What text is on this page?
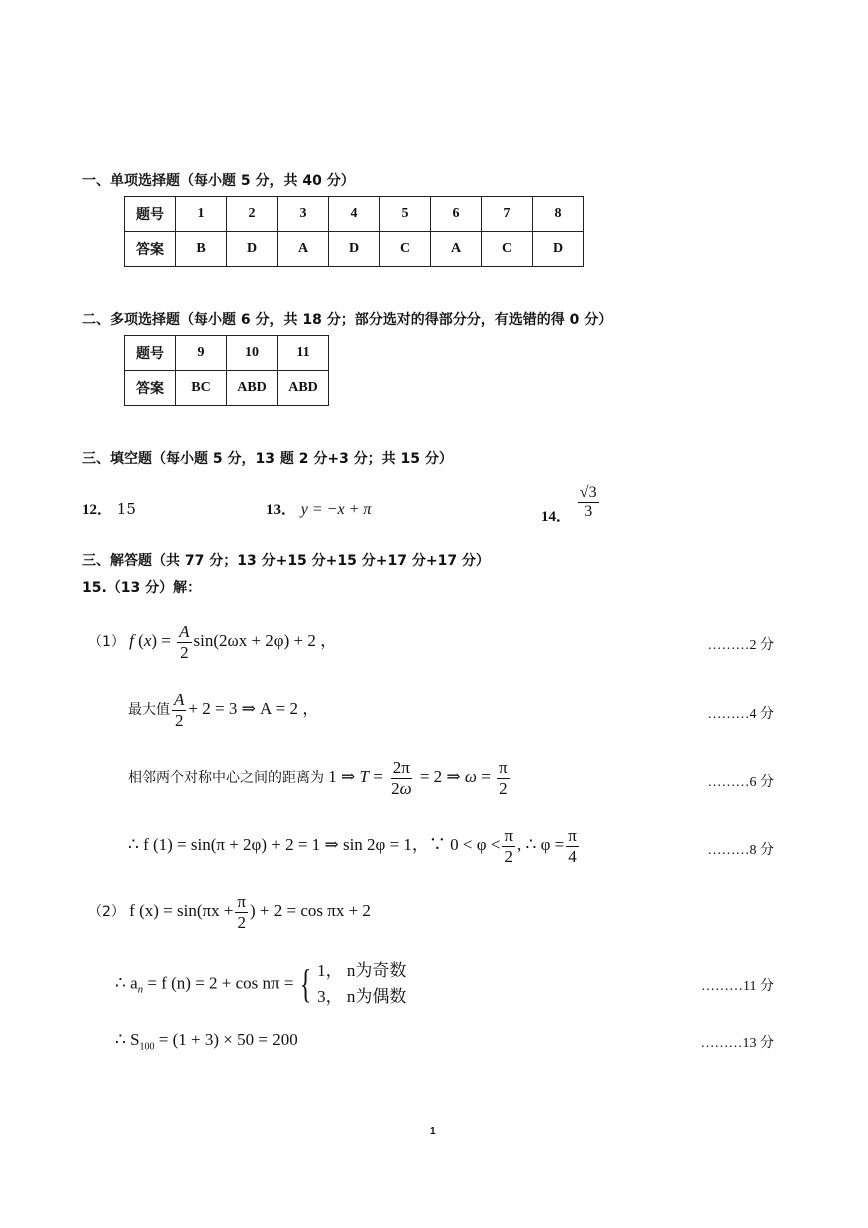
一、单项选择题（每小题 5 分，共 40 分）
题号	1	2	3	4	5	6	7	8
答案	B	D	A	D	C	A	C	D
二、多项选择题（每小题 6 分，共 18 分；部分选对的得部分分，有选错的得 0 分）
题号	9	10	11
答案	BC	ABD	ABD
三、填空题（每小题 5 分，13 题 2 分+3 分；共 15 分）
12． 15	13． y = −x + π	14． $\frac{√3}{3}$
三、解答题（共 77 分；13 分+15 分+15 分+17 分+17 分）
15.（13 分）解：
（1） f $(x) = \frac{A}{2} \sin(2\omega x + 2\varphi) + 2$ ，	………2 分
最大值 $\frac{A}{2} + 2 = 3$ ⇒ A = 2 ，	………4 分
相邻两个对称中心之间的距离为 1 ⇒ $T = \frac{2\pi}{2\omega} = 2$ ⇒ $\omega = \frac{\pi}{2}$	………6 分
∴ f (1) = sin(π + 2φ) + 2 = 1 ⇒ sin 2φ = 1，∵ $0 < \varphi < \frac{\pi}{2}$ , ∴ $\varphi = \frac{\pi}{4}$	………8 分
（2） f $(x) = \sin(\pi x + \frac{\pi}{2}$ ) + 2 = cos πx + 2
∴ $a_n = f$ (n) = 2 + cos nπ = { 1， n为奇数
3， n为偶数
………11 分
∴ $S_{100} = (1 + 3) \times 50 = 200$	………13 分
1
